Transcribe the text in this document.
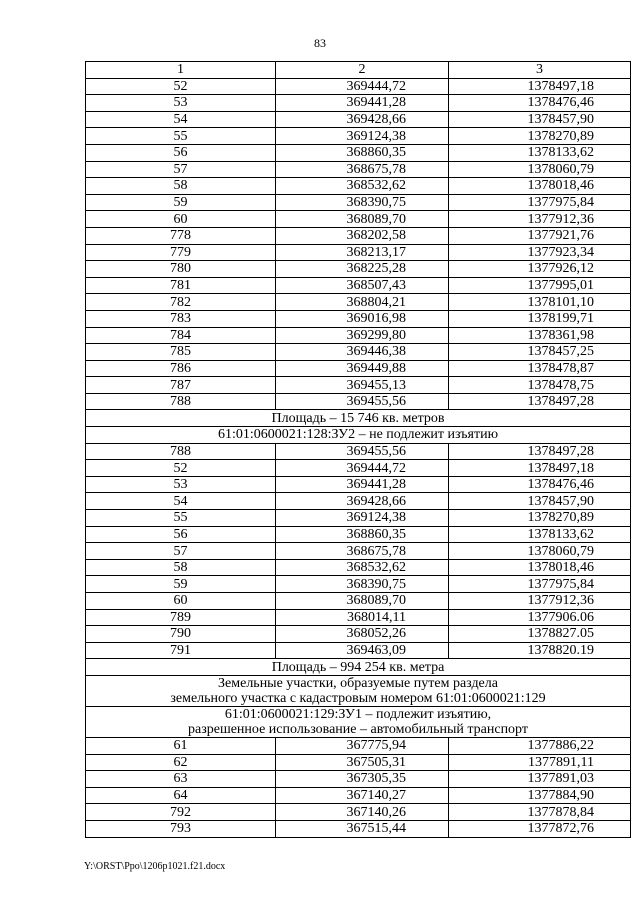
83
1	2	3
52	369444,72	1378497,18
53	369441,28	1378476,46
54	369428,66	1378457,90
55	369124,38	1378270,89
56	368860,35	1378133,62
57	368675,78	1378060,79
58	368532,62	1378018,46
59	368390,75	1377975,84
60	368089,70	1377912,36
778	368202,58	1377921,76
779	368213,17	1377923,34
780	368225,28	1377926,12
781	368507,43	1377995,01
782	368804,21	1378101,10
783	369016,98	1378199,71
784	369299,80	1378361,98
785	369446,38	1378457,25
786	369449,88	1378478,87
787	369455,13	1378478,75
788	369455,56	1378497,28

Площадь – 15 746 кв. метров		

61:01:0600021:128:ЗУ2 – не подлежит изъятию		

788	369455,56	1378497,28
52	369444,72	1378497,18
53	369441,28	1378476,46
54	369428,66	1378457,90
55	369124,38	1378270,89
56	368860,35	1378133,62
57	368675,78	1378060,79
58	368532,62	1378018,46
59	368390,75	1377975,84
60	368089,70	1377912,36
789	368014,11	1377906.06
790	368052,26	1378827.05
791	369463,09	1378820.19

Площадь – 994 254 кв. метра		

Земельные участки, образуемые путем раздела
земельного участка с кадастровым номером 61:01:0600021:129		

61:01:0600021:129:ЗУ1 – подлежит изъятию,
разрешенное использование – автомобильный транспорт		

61	367775,94	1377886,22
62	367505,31	1377891,11
63	367305,35	1377891,03
64	367140,27	1377884,90
792	367140,26	1377878,84
793	367515,44	1377872,76
Y:\ORST\Ppo\1206p1021.f21.docx
